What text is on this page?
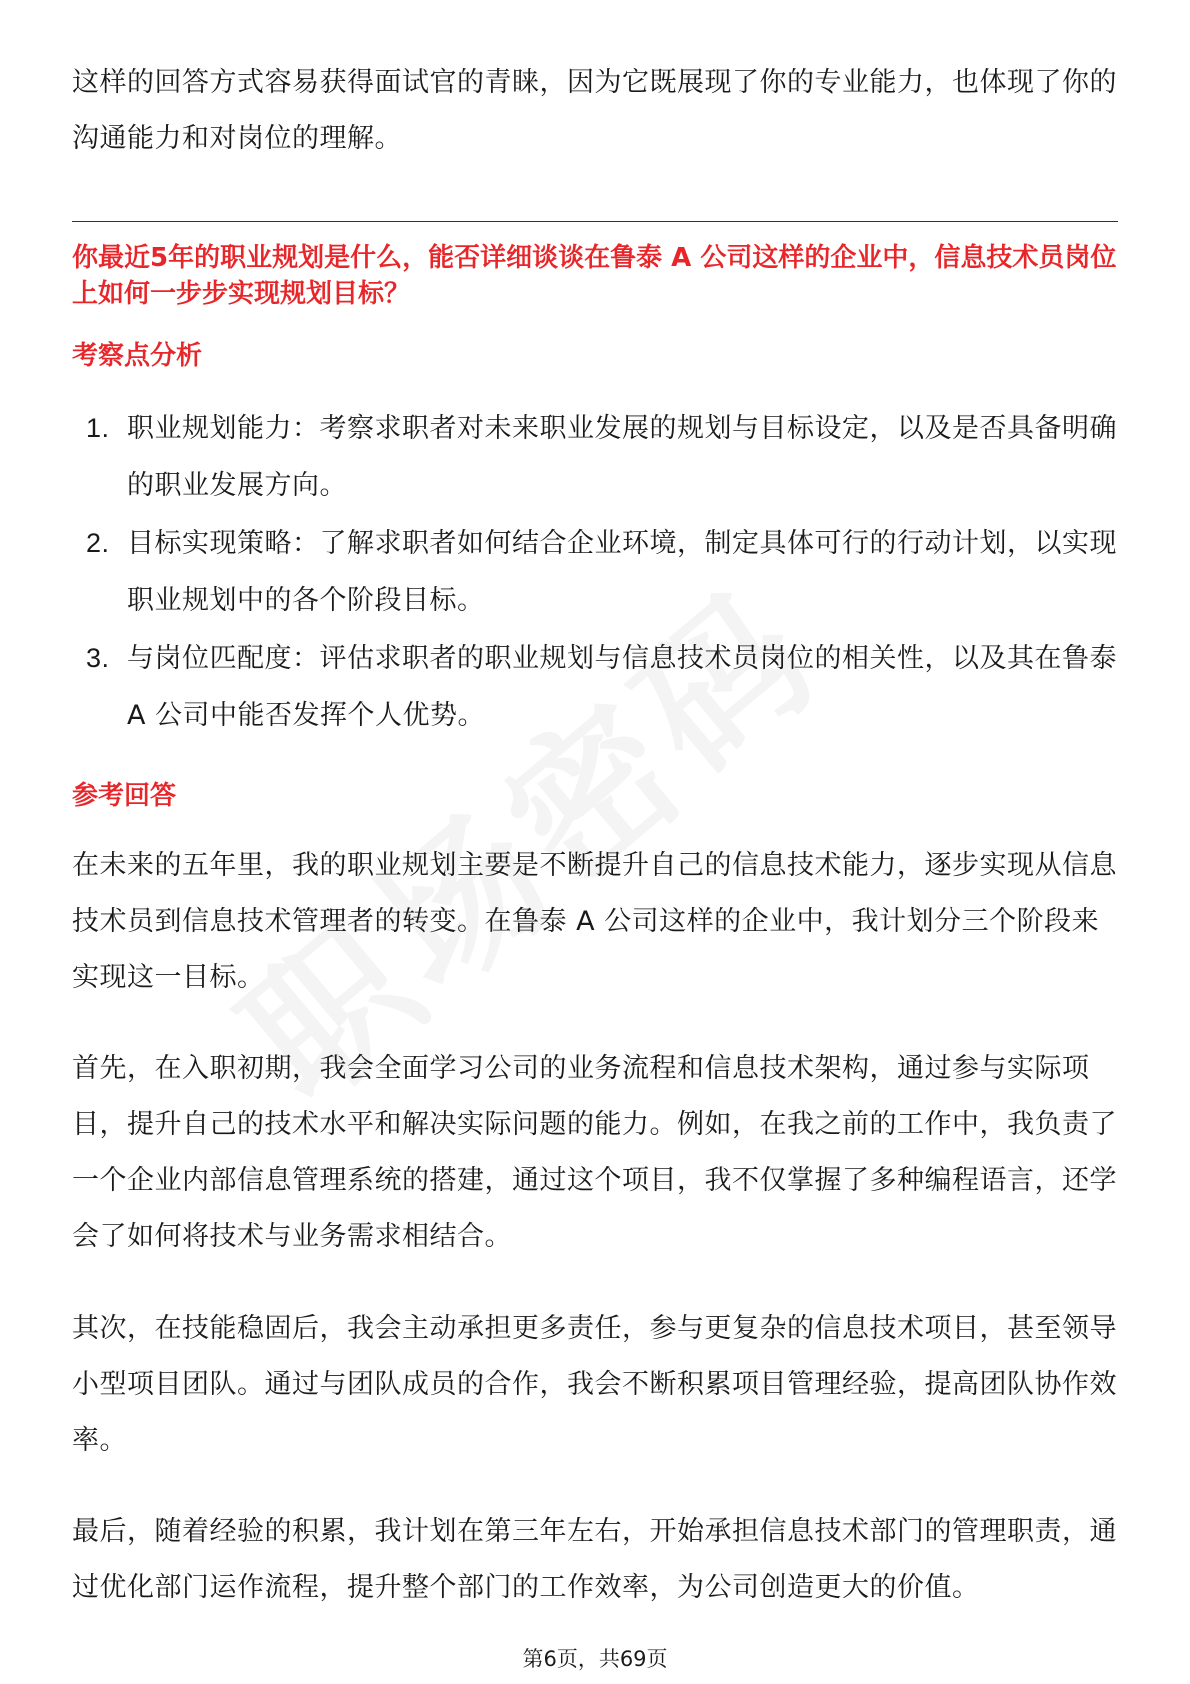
这样的回答方式容易获得面试官的青睐，因为它既展现了你的专业能力，也体现了你的沟通能力和对岗位的理解。

你最近5年的职业规划是什么，能否详细谈谈在鲁泰 A 公司这样的企业中，信息技术员岗位上如何一步步实现规划目标？

考察点分析

1. 职业规划能力：考察求职者对未来职业发展的规划与目标设定，以及是否具备明确的职业发展方向。
2. 目标实现策略：了解求职者如何结合企业环境，制定具体可行的行动计划，以实现职业规划中的各个阶段目标。
3. 与岗位匹配度：评估求职者的职业规划与信息技术员岗位的相关性，以及其在鲁泰 A 公司中能否发挥个人优势。

参考回答

在未来的五年里，我的职业规划主要是不断提升自己的信息技术能力，逐步实现从信息技术员到信息技术管理者的转变。在鲁泰 A 公司这样的企业中，我计划分三个阶段来实现这一目标。

首先，在入职初期，我会全面学习公司的业务流程和信息技术架构，通过参与实际项目，提升自己的技术水平和解决实际问题的能力。例如，在我之前的工作中，我负责了一个企业内部信息管理系统的搭建，通过这个项目，我不仅掌握了多种编程语言，还学会了如何将技术与业务需求相结合。

其次，在技能稳固后，我会主动承担更多责任，参与更复杂的信息技术项目，甚至领导小型项目团队。通过与团队成员的合作，我会不断积累项目管理经验，提高团队协作效率。

最后，随着经验的积累，我计划在第三年左右，开始承担信息技术部门的管理职责，通过优化部门运作流程，提升整个部门的工作效率，为公司创造更大的价值。

第6页，共69页
